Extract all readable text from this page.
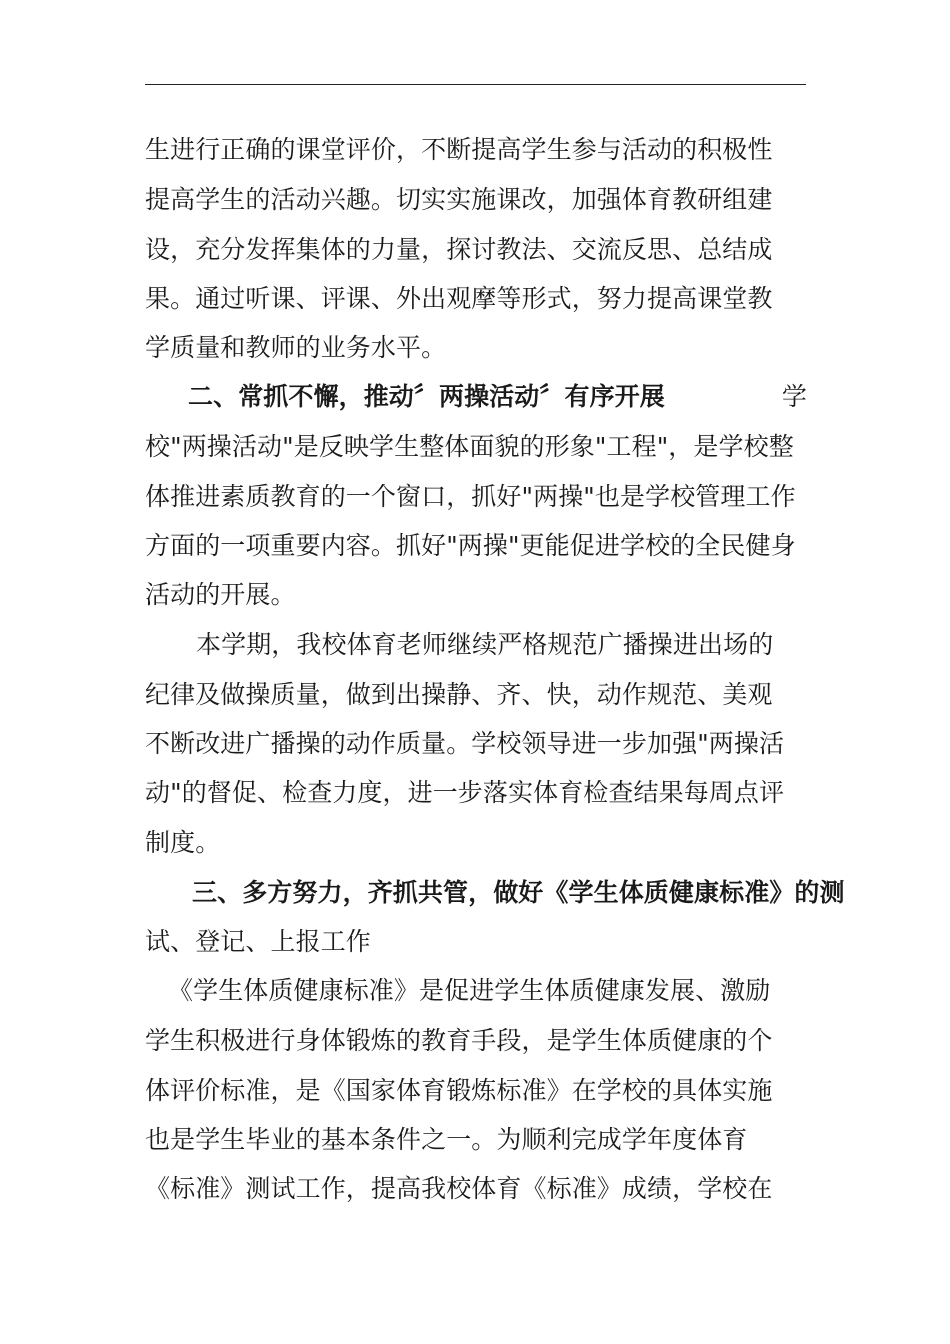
生进行正确的课堂评价，不断提高学生参与活动的积极性
提高学生的活动兴趣。切实实施课改，加强体育教研组建
设，充分发挥集体的力量，探讨教法、交流反思、总结成
果。通过听课、评课、外出观摩等形式，努力提高课堂教
学质量和教师的业务水平。
二、常抓不懈，推动〞两操活动〞有序开展	学
校"两操活动"是反映学生整体面貌的形象"工程"，是学校整
体推进素质教育的一个窗口，抓好"两操"也是学校管理工作
方面的一项重要内容。抓好"两操"更能促进学校的全民健身
活动的开展。
本学期，我校体育老师继续严格规范广播操进出场的
纪律及做操质量，做到出操静、齐、快，动作规范、美观
不断改进广播操的动作质量。学校领导进一步加强"两操活
动"的督促、检查力度，进一步落实体育检查结果每周点评
制度。
三、多方努力，齐抓共管，做好《学生体质健康标准》的测
试、登记、上报工作
《学生体质健康标准》是促进学生体质健康发展、激励
学生积极进行身体锻炼的教育手段，是学生体质健康的个
体评价标准，是《国家体育锻炼标准》在学校的具体实施
也是学生毕业的基本条件之一。为顺利完成学年度体育
《标准》测试工作，提高我校体育《标准》成绩，学校在
